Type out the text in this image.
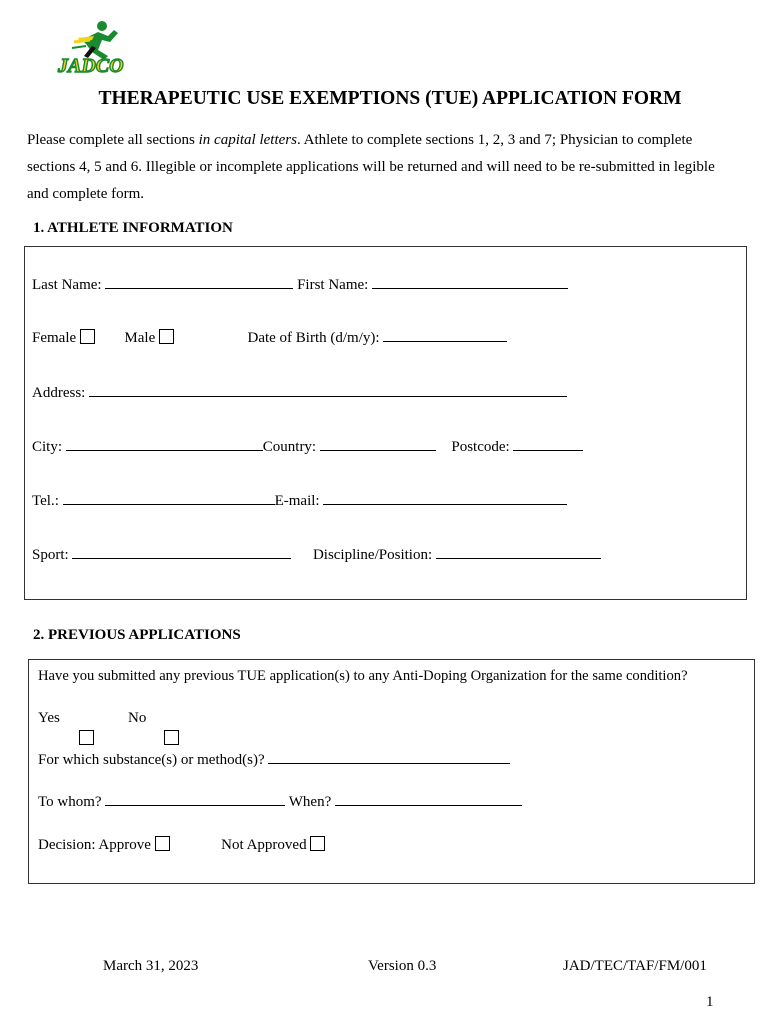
JADCO
THERAPEUTIC USE EXEMPTIONS (TUE) APPLICATION FORM
Please complete all sections in capital letters. Athlete to complete sections 1, 2, 3 and 7; Physician to complete sections 4, 5 and 6. Illegible or incomplete applications will be returned and will need to be re-submitted in legible and complete form.
1. ATHLETE INFORMATION
Last Name:	First Name:
Female	Male	Date of Birth (d/m/y):
Address:
City:	Country:	Postcode:
Tel.:	E-mail:
Sport:	Discipline/Position:
2. PREVIOUS APPLICATIONS
Have you submitted any previous TUE application(s) to any Anti-Doping Organization for the same condition?
Yes	No
For which substance(s) or method(s)?
To whom?	When?
Decision: Approve	Not Approved
March 31, 2023	Version 0.3	JAD/TEC/TAF/FM/001
1
